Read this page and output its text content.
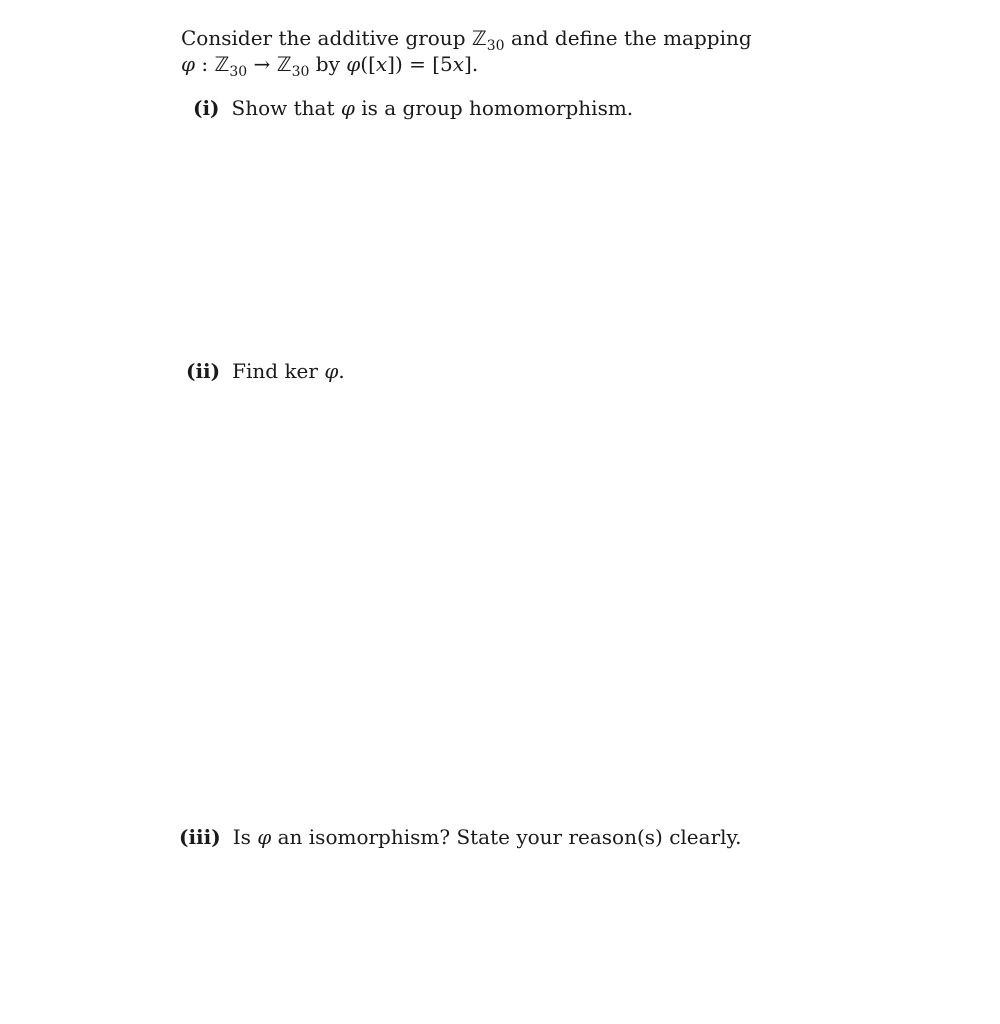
Consider the additive group ℤ$_{30}$ and define the mapping
φ : ℤ$_{30}$ → ℤ$_{30}$ by φ([x]) = [5x].
(i) Show that φ is a group homomorphism.
(ii) Find ker φ.
(iii) Is φ an isomorphism? State your reason(s) clearly.
